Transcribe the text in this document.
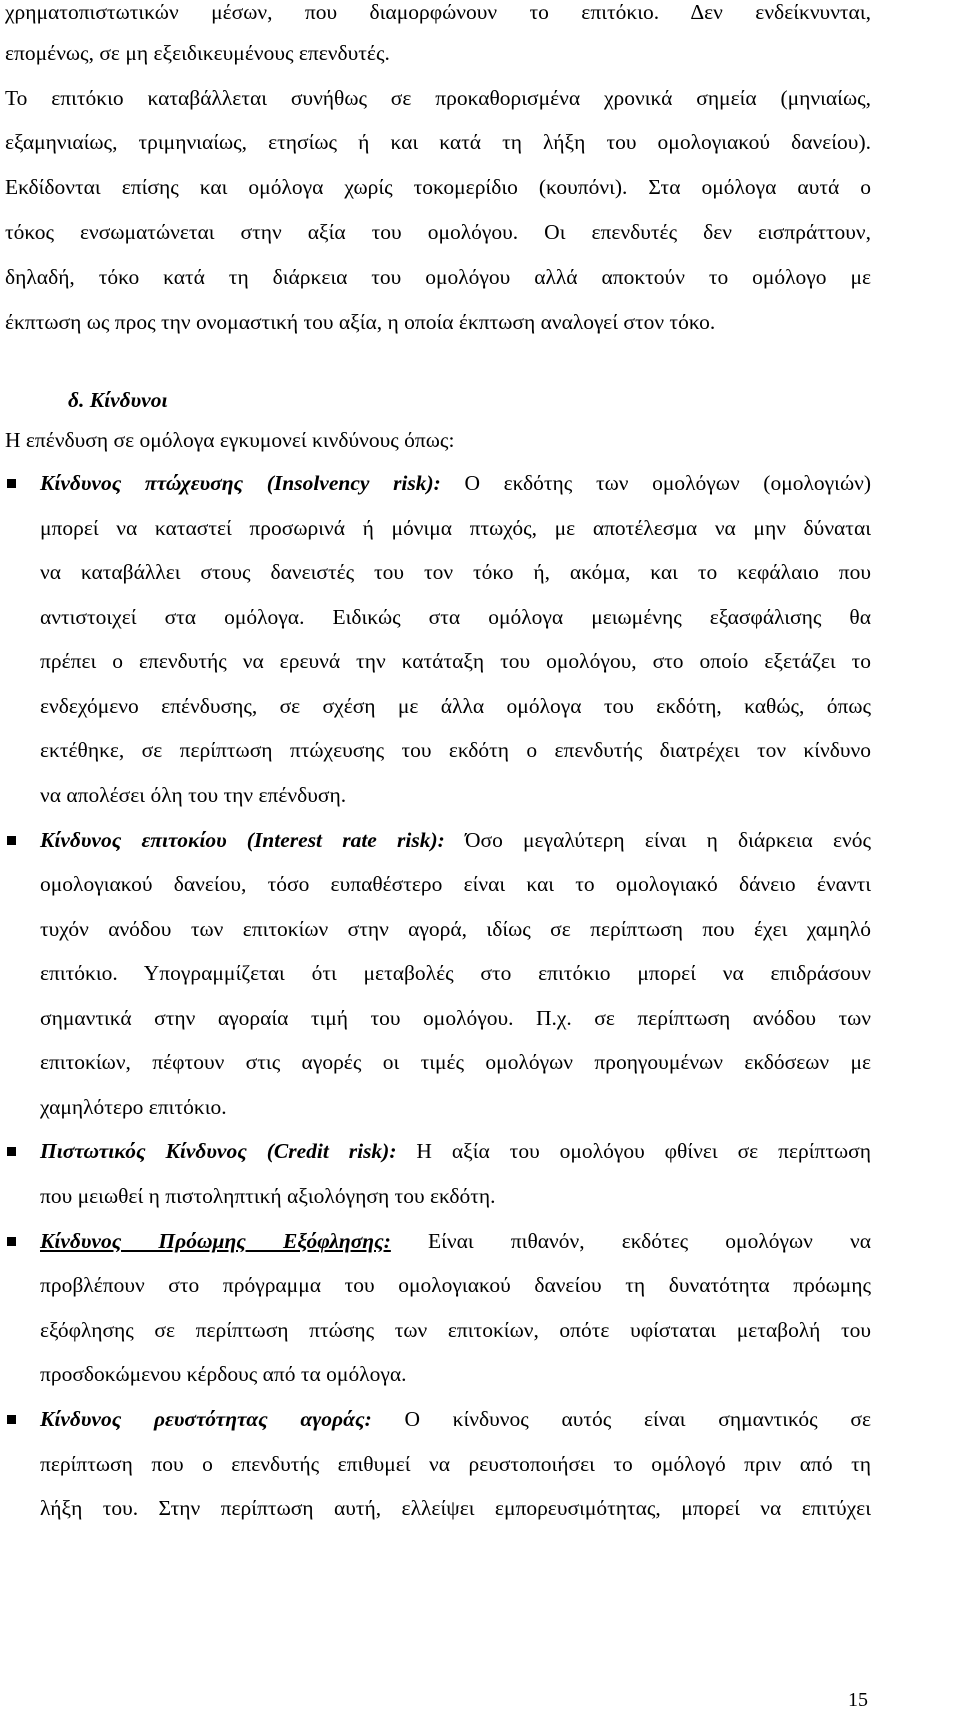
χρηματοπιστωτικών μέσων, που διαμορφώνουν το επιτόκιο. Δεν ενδείκνυνται,
επομένως, σε μη εξειδικευμένους επενδυτές.
Το επιτόκιο καταβάλλεται συνήθως σε προκαθορισμένα χρονικά σημεία (μηνιαίως,
εξαμηνιαίως, τριμηνιαίως, ετησίως ή και κατά τη λήξη του ομολογιακού δανείου).
Εκδίδονται επίσης και ομόλογα χωρίς τοκομερίδιο (κουπόνι). Στα ομόλογα αυτά ο
τόκος ενσωματώνεται στην αξία του ομολόγου. Οι επενδυτές δεν εισπράττουν,
δηλαδή, τόκο κατά τη διάρκεια του ομολόγου αλλά αποκτούν το ομόλογο με
έκπτωση ως προς την ονομαστική του αξία, η οποία έκπτωση αναλογεί στον τόκο.
δ. Κίνδυνοι
Η επένδυση σε ομόλογα εγκυμονεί κινδύνους όπως:
Κίνδυνος πτώχευσης (Insolvency risk): Ο εκδότης των ομολόγων (ομολογιών)
μπορεί να καταστεί προσωρινά ή μόνιμα πτωχός, με αποτέλεσμα να μην δύναται
να καταβάλλει στους δανειστές του τον τόκο ή, ακόμα, και το κεφάλαιο που
αντιστοιχεί στα ομόλογα. Ειδικώς στα ομόλογα μειωμένης εξασφάλισης θα
πρέπει ο επενδυτής να ερευνά την κατάταξη του ομολόγου, στο οποίο εξετάζει το
ενδεχόμενο επένδυσης, σε σχέση με άλλα ομόλογα του εκδότη, καθώς, όπως
εκτέθηκε, σε περίπτωση πτώχευσης του εκδότη ο επενδυτής διατρέχει τον κίνδυνο
να απολέσει όλη του την επένδυση.
Κίνδυνος επιτοκίου (Interest rate risk): Όσο μεγαλύτερη είναι η διάρκεια ενός
ομολογιακού δανείου, τόσο ευπαθέστερο είναι και το ομολογιακό δάνειο έναντι
τυχόν ανόδου των επιτοκίων στην αγορά, ιδίως σε περίπτωση που έχει χαμηλό
επιτόκιο. Υπογραμμίζεται ότι μεταβολές στο επιτόκιο μπορεί να επιδράσουν
σημαντικά στην αγοραία τιμή του ομολόγου. Π.χ. σε περίπτωση ανόδου των
επιτοκίων, πέφτουν στις αγορές οι τιμές ομολόγων προηγουμένων εκδόσεων με
χαμηλότερο επιτόκιο.
Πιστωτικός Κίνδυνος (Credit risk): Η αξία του ομολόγου φθίνει σε περίπτωση
που μειωθεί η πιστοληπτική αξιολόγηση του εκδότη.
Κίνδυνος Πρόωμης Εξόφλησης: Είναι πιθανόν, εκδότες ομολόγων να
προβλέπουν στο πρόγραμμα του ομολογιακού δανείου τη δυνατότητα πρόωμης
εξόφλησης σε περίπτωση πτώσης των επιτοκίων, οπότε υφίσταται μεταβολή του
προσδοκώμενου κέρδους από τα ομόλογα.
Κίνδυνος ρευστότητας αγοράς: Ο κίνδυνος αυτός είναι σημαντικός σε
περίπτωση που ο επενδυτής επιθυμεί να ρευστοποιήσει το ομόλογό πριν από τη
λήξη του. Στην περίπτωση αυτή, ελλείψει εμπορευσιμότητας, μπορεί να επιτύχει
15
